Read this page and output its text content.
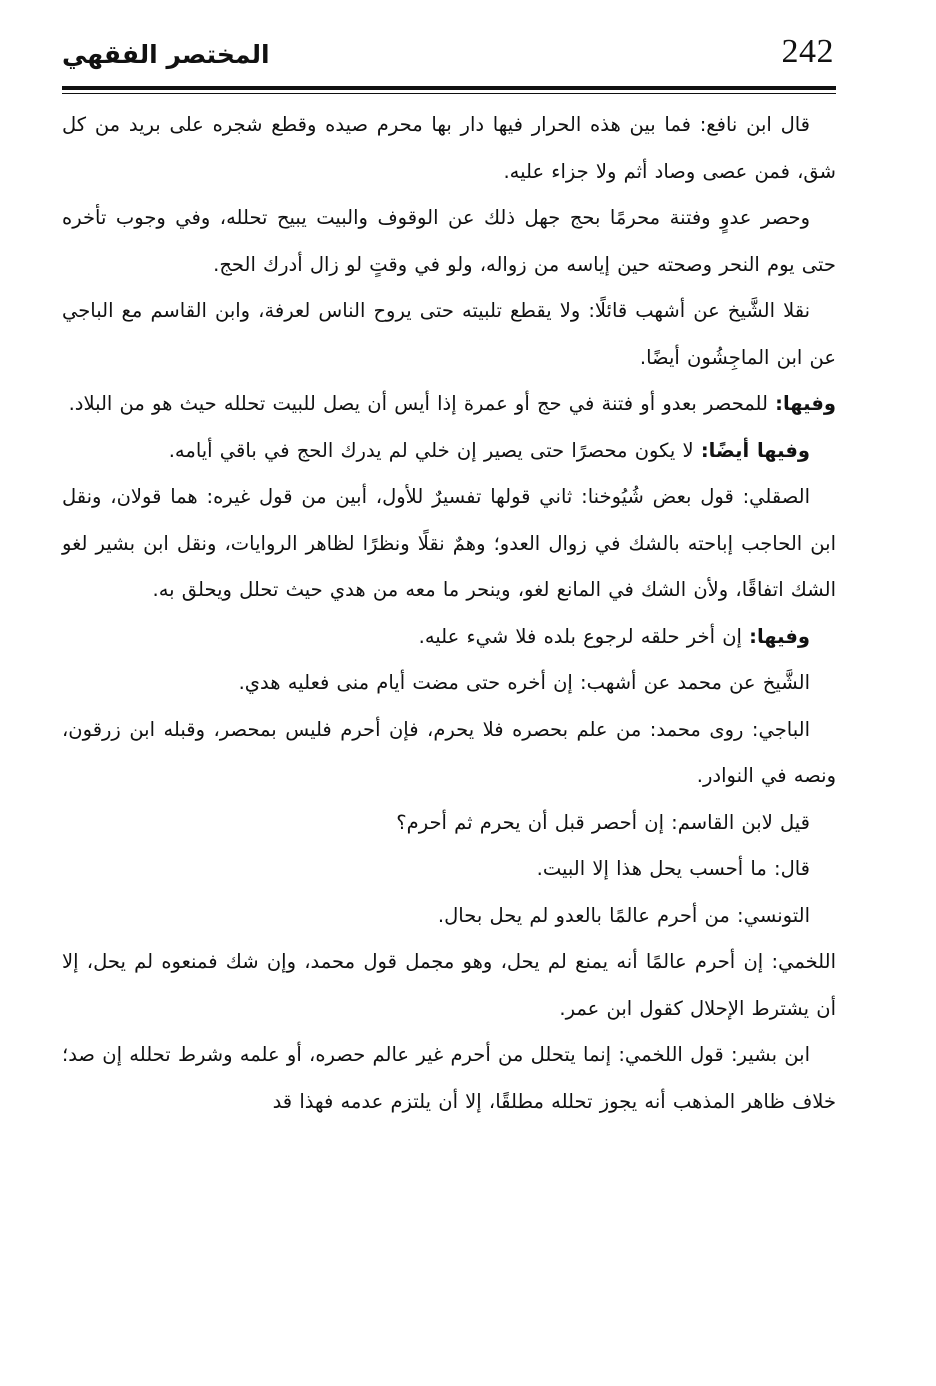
242
المختصر الفقهي

قال ابن نافع: فما بين هذه الحرار فيها دار بها محرم صيده وقطع شجره على بريد من كل شق، فمن عصى وصاد أثم ولا جزاء عليه.

وحصر عدوٍ وفتنة محرمًا بحج جهل ذلك عن الوقوف والبيت يبيح تحلله، وفي وجوب تأخره حتى يوم النحر وصحته حين إياسه من زواله، ولو في وقتٍ لو زال أدرك الحج.

نقلا الشَّيخ عن أشهب قائلًا: ولا يقطع تلبيته حتى يروح الناس لعرفة، وابن القاسم مع الباجي عن ابن الماجِشُون أيضًا.

وفيها: للمحصر بعدو أو فتنة في حج أو عمرة إذا أيس أن يصل للبيت تحلله حيث هو من البلاد.

وفيها أيضًا: لا يكون محصرًا حتى يصير إن خلي لم يدرك الحج في باقي أيامه.

الصقلي: قول بعض شُيُوخنا: ثاني قولها تفسيرٌ للأول، أبين من قول غيره: هما قولان، ونقل ابن الحاجب إباحته بالشك في زوال العدو؛ وهمٌ نقلًا ونظرًا لظاهر الروايات، ونقل ابن بشير لغو الشك اتفاقًا، ولأن الشك في المانع لغو، وينحر ما معه من هدي حيث تحلل ويحلق به.

وفيها: إن أخر حلقه لرجوع بلده فلا شيء عليه.

الشَّيخ عن محمد عن أشهب: إن أخره حتى مضت أيام منى فعليه هدي.

الباجي: روى محمد: من علم بحصره فلا يحرم، فإن أحرم فليس بمحصر، وقبله ابن زرقون، ونصه في النوادر.

قيل لابن القاسم: إن أحصر قبل أن يحرم ثم أحرم؟

قال: ما أحسب يحل هذا إلا البيت.

التونسي: من أحرم عالمًا بالعدو لم يحل بحال.

اللخمي: إن أحرم عالمًا أنه يمنع لم يحل، وهو مجمل قول محمد، وإن شك فمنعوه لم يحل، إلا أن يشترط الإحلال كقول ابن عمر.

ابن بشير: قول اللخمي: إنما يتحلل من أحرم غير عالم حصره، أو علمه وشرط تحلله إن صد؛ خلاف ظاهر المذهب أنه يجوز تحلله مطلقًا، إلا أن يلتزم عدمه فهذا قد
